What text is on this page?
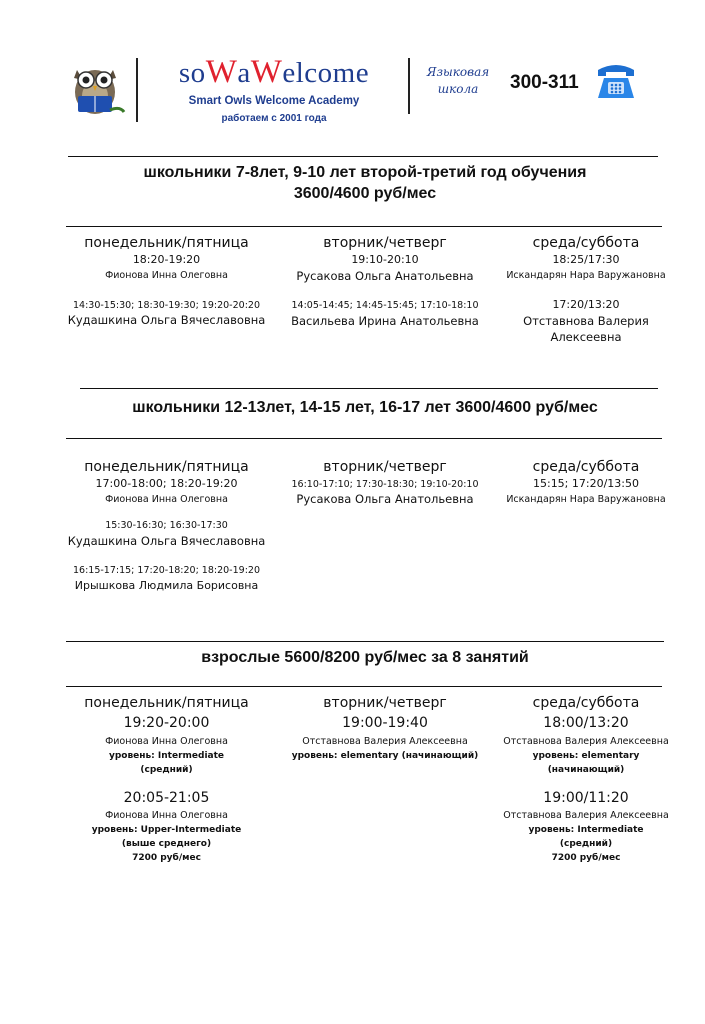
soWaWelcome
Smart Owls Welcome Academy
работаем с 2001 года
Языковая
школа	300-311
школьники 7-8лет, 9-10 лет второй-третий год обучения
3600/4600 руб/мес
понедельник/пятница
18:20-19:20
Фионова Инна Олеговна
14:30-15:30; 18:30-19:30; 19:20-20:20
Кудашкина Ольга Вячеславовна
вторник/четверг
19:10-20:10
Русакова Ольга Анатольевна
14:05-14:45; 14:45-15:45; 17:10-18:10
Васильева Ирина Анатольевна
среда/суббота
18:25/17:30
Искандарян Нара Варужановна
17:20/13:20
Отставнова Валерия
Алексеевна
школьники 12-13лет, 14-15 лет, 16-17 лет 3600/4600 руб/мес
понедельник/пятница
17:00-18:00; 18:20-19:20
Фионова Инна Олеговна
15:30-16:30; 16:30-17:30
Кудашкина Ольга Вячеславовна
16:15-17:15; 17:20-18:20; 18:20-19:20
Ирышкова Людмила Борисовна
вторник/четверг
16:10-17:10; 17:30-18:30; 19:10-20:10
Русакова Ольга Анатольевна
среда/суббота
15:15; 17:20/13:50
Искандарян Нара Варужановна
взрослые 5600/8200 руб/мес за 8 занятий
понедельник/пятница
19:20-20:00
Фионова Инна Олеговна
уровень: Intermediate
(средний)
20:05-21:05
Фионова Инна Олеговна
уровень: Upper-Intermediate
(выше среднего)
7200 руб/мес
вторник/четверг
19:00-19:40
Отставнова Валерия Алексеевна
уровень: elementary (начинающий)
среда/суббота
18:00/13:20
Отставнова Валерия Алексеевна
уровень: elementary
(начинающий)
19:00/11:20
Отставнова Валерия Алексеевна
уровень: Intermediate
(средний)
7200 руб/мес
